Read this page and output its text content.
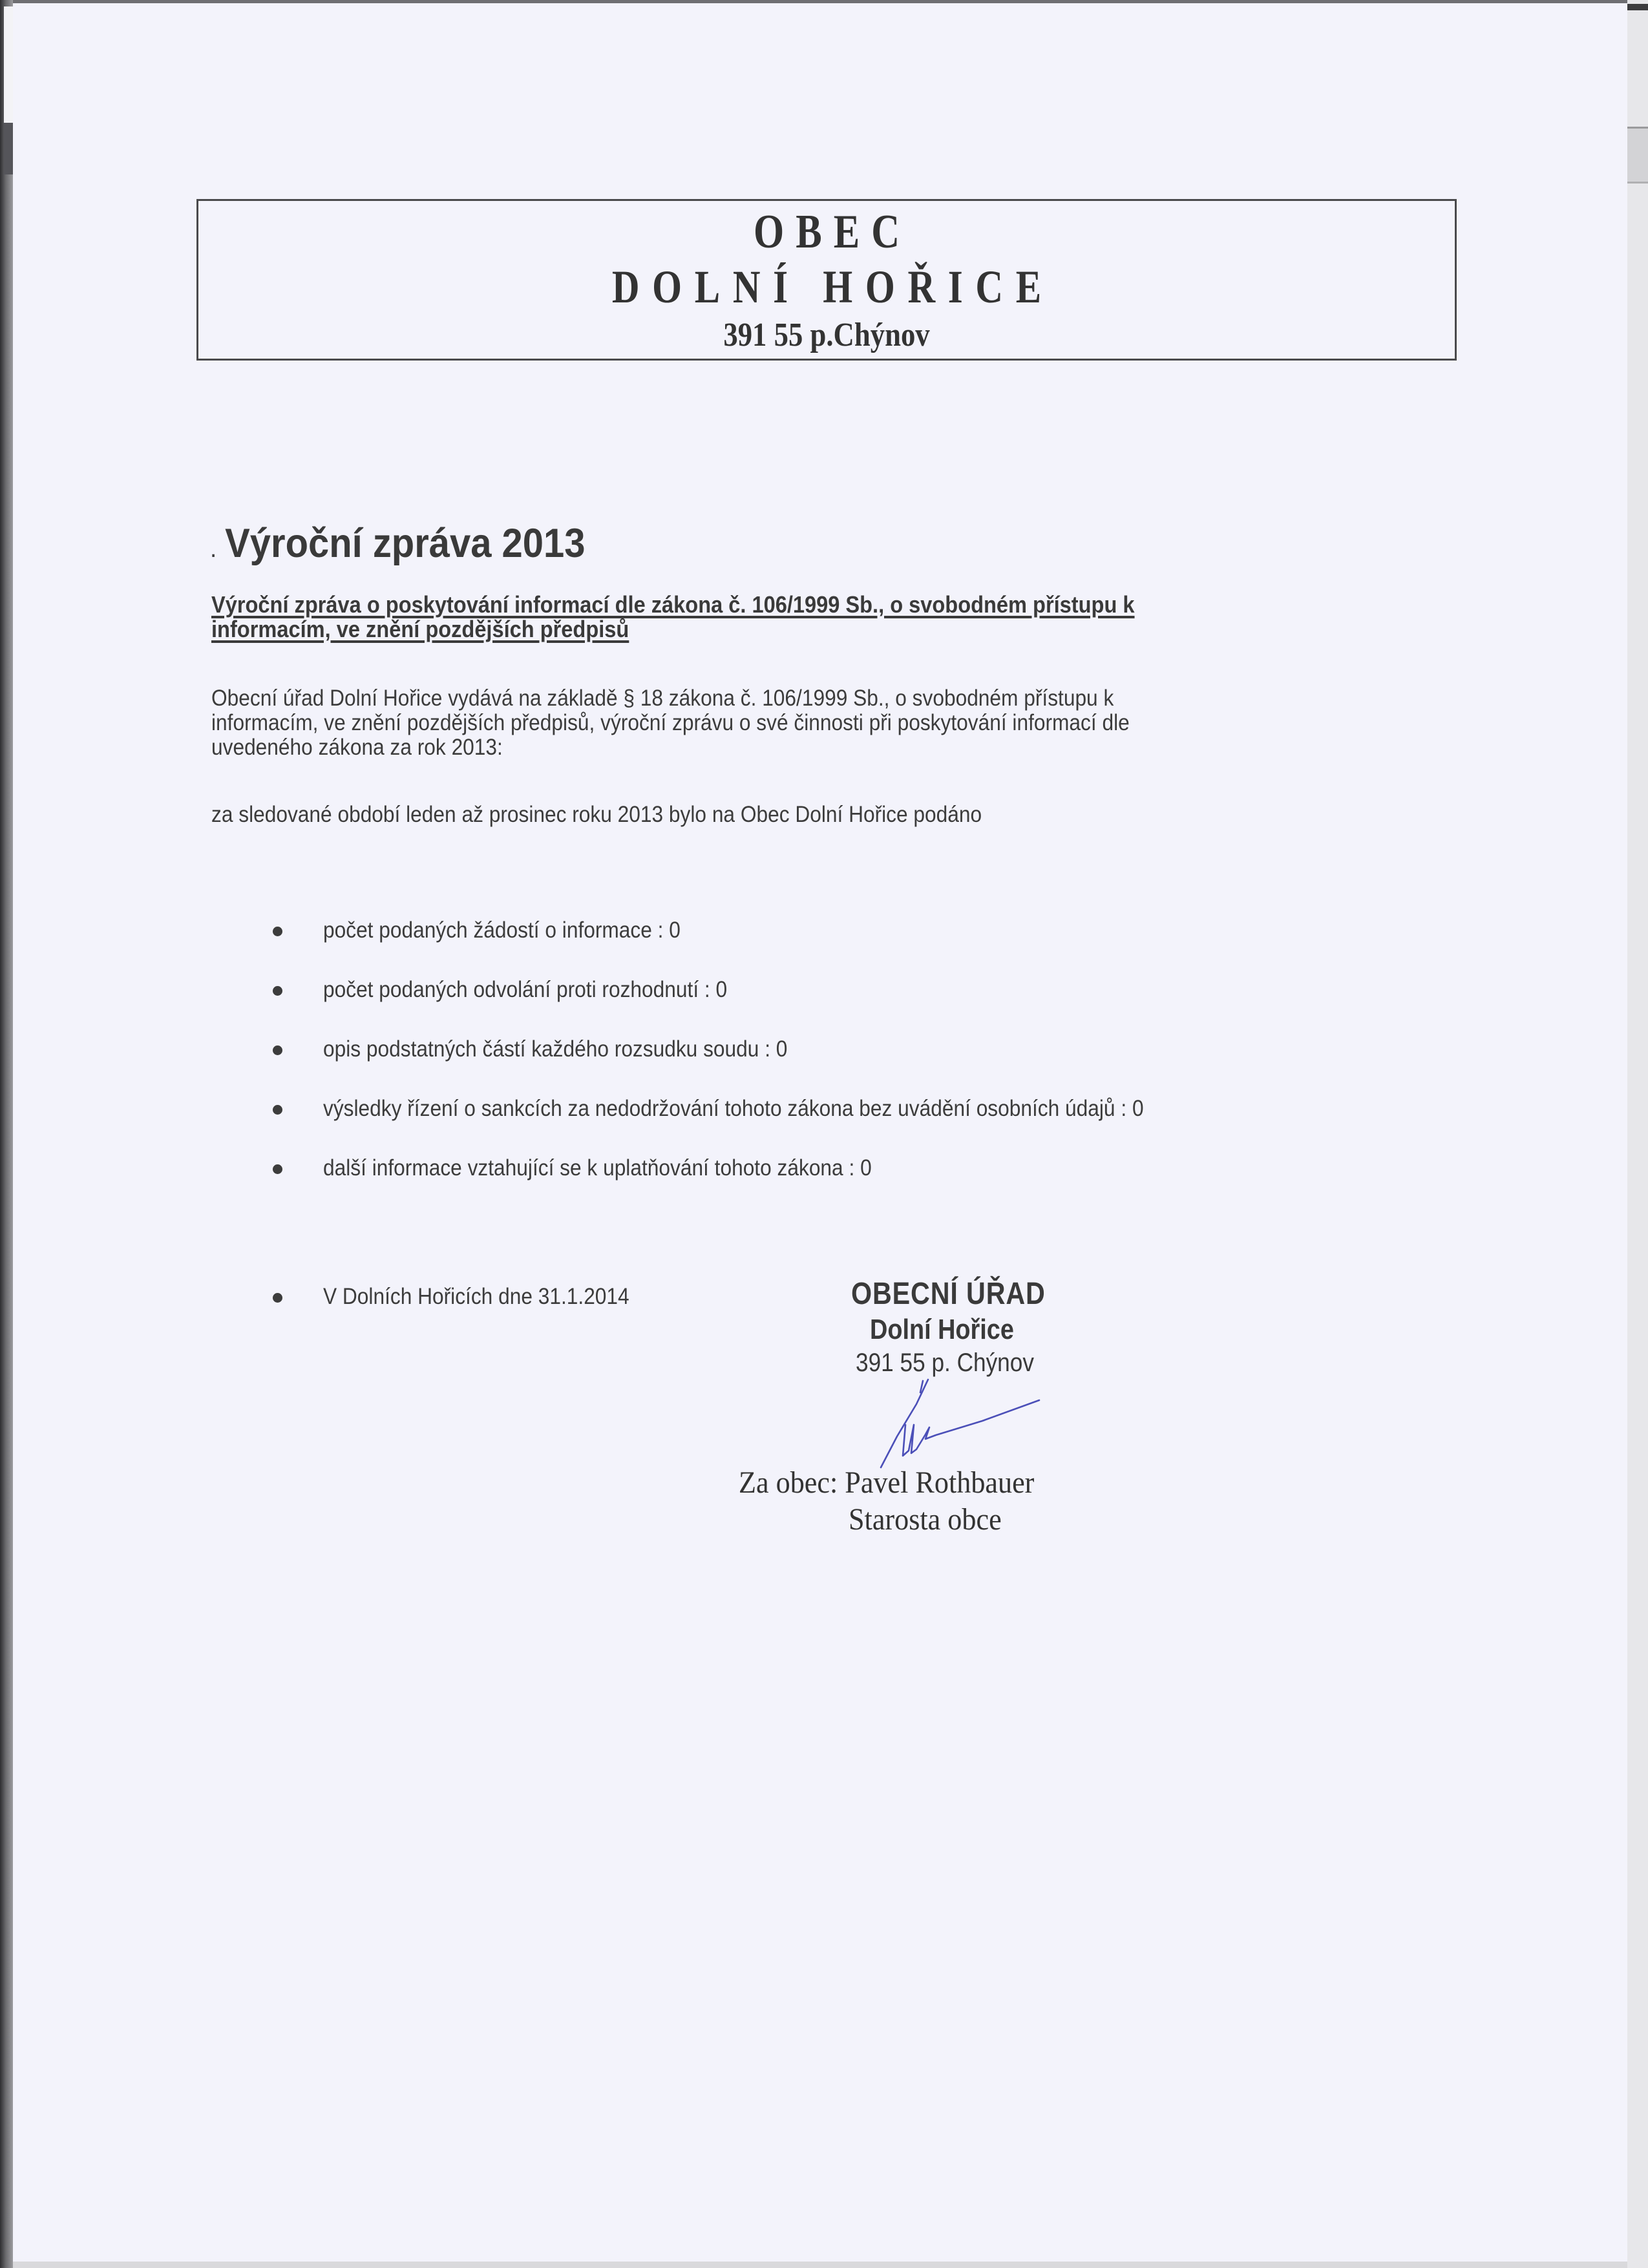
OBEC
DOLNÍ HOŘICE
391 55 p.Chýnov
. Výroční zpráva 2013
Výroční zpráva o poskytování informací dle zákona č. 106/1999 Sb., o svobodném přístupu k
informacím, ve znění pozdějších předpisů
Obecní úřad Dolní Hořice vydává na základě § 18 zákona č. 106/1999 Sb., o svobodném přístupu k
informacím, ve znění pozdějších předpisů, výroční zprávu o své činnosti při poskytování informací dle
uvedeného zákona za rok 2013:
za sledované období leden až prosinec roku 2013 bylo na Obec Dolní Hořice podáno
počet podaných žádostí o informace : 0
počet podaných odvolání proti rozhodnutí : 0
opis podstatných částí každého rozsudku soudu : 0
výsledky řízení o sankcích za nedodržování tohoto zákona bez uvádění osobních údajů : 0
další informace vztahující se k uplatňování tohoto zákona : 0
V Dolních Hořicích dne 31.1.2014	OBECNÍ ÚŘAD
Dolní Hořice
391 55 p. Chýnov
Za obec: Pavel Rothbauer
Starosta obce
